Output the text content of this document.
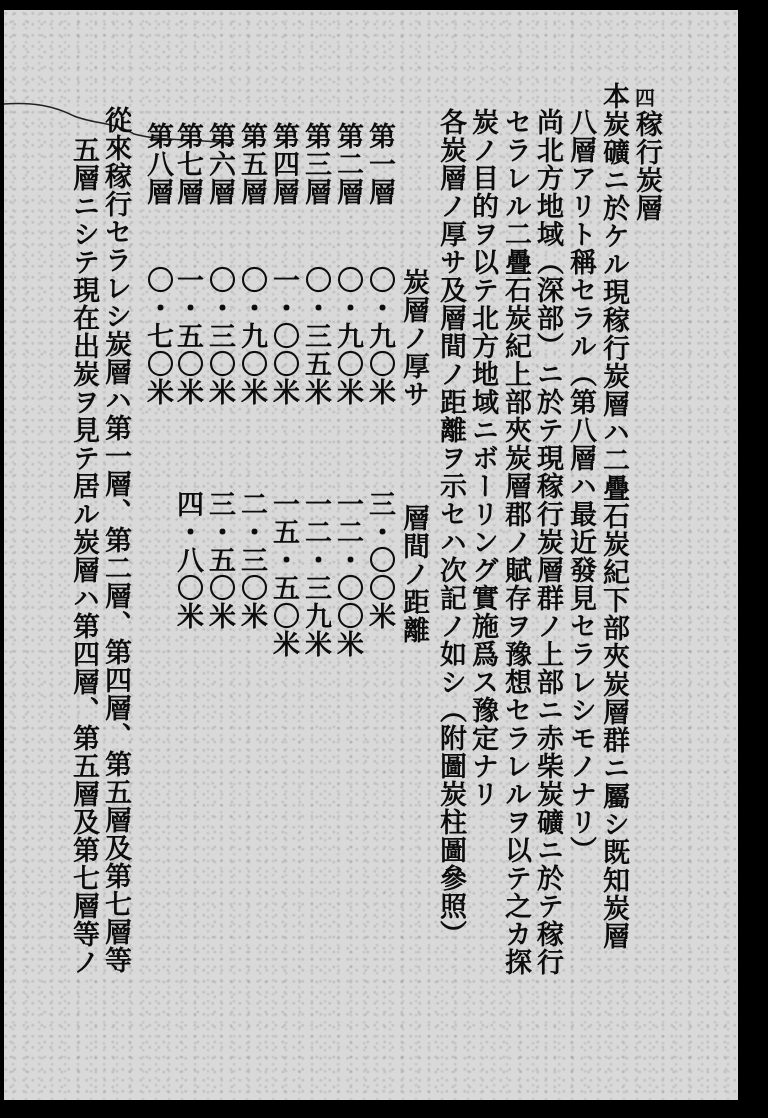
四
稼行炭層
本炭礦ニ於ケル現稼行炭層ハ二疊石炭紀下部夾炭層群ニ屬シ既知炭層
八層アリト稱セラル（第八層ハ最近發見セラレシモノナリ）
尚北方地域（深部）ニ於テ現稼行炭層群ノ上部ニ赤柴炭礦ニ於テ稼行
セラレル二疊石炭紀上部夾炭層郡ノ賦存ヲ豫想セラレルヲ以テ之カ探
炭ノ目的ヲ以テ北方地域ニボーリング實施爲ス豫定ナリ
各炭層ノ厚サ及層間ノ距離ヲ示セハ次記ノ如シ（附圖炭柱圖參照）
炭層ノ厚サ
層間ノ距離
第一層
〇・九〇米
三・〇〇米
第二層
〇・九〇米
一二・〇〇米
第三層
〇・三五米
一二・三九米
第四層
一・〇〇米
一五・五〇米
第五層
〇・九〇米
二・三〇米
第六層
〇・三〇米
三・五〇米
第七層
一・五〇米
四・八〇米
第八層
〇・七〇米
從來稼行セラレシ炭層ハ第一層、第二層、第四層、第五層及第七層等
五層ニシテ現在出炭ヲ見テ居ル炭層ハ第四層、第五層及第七層等ノ
